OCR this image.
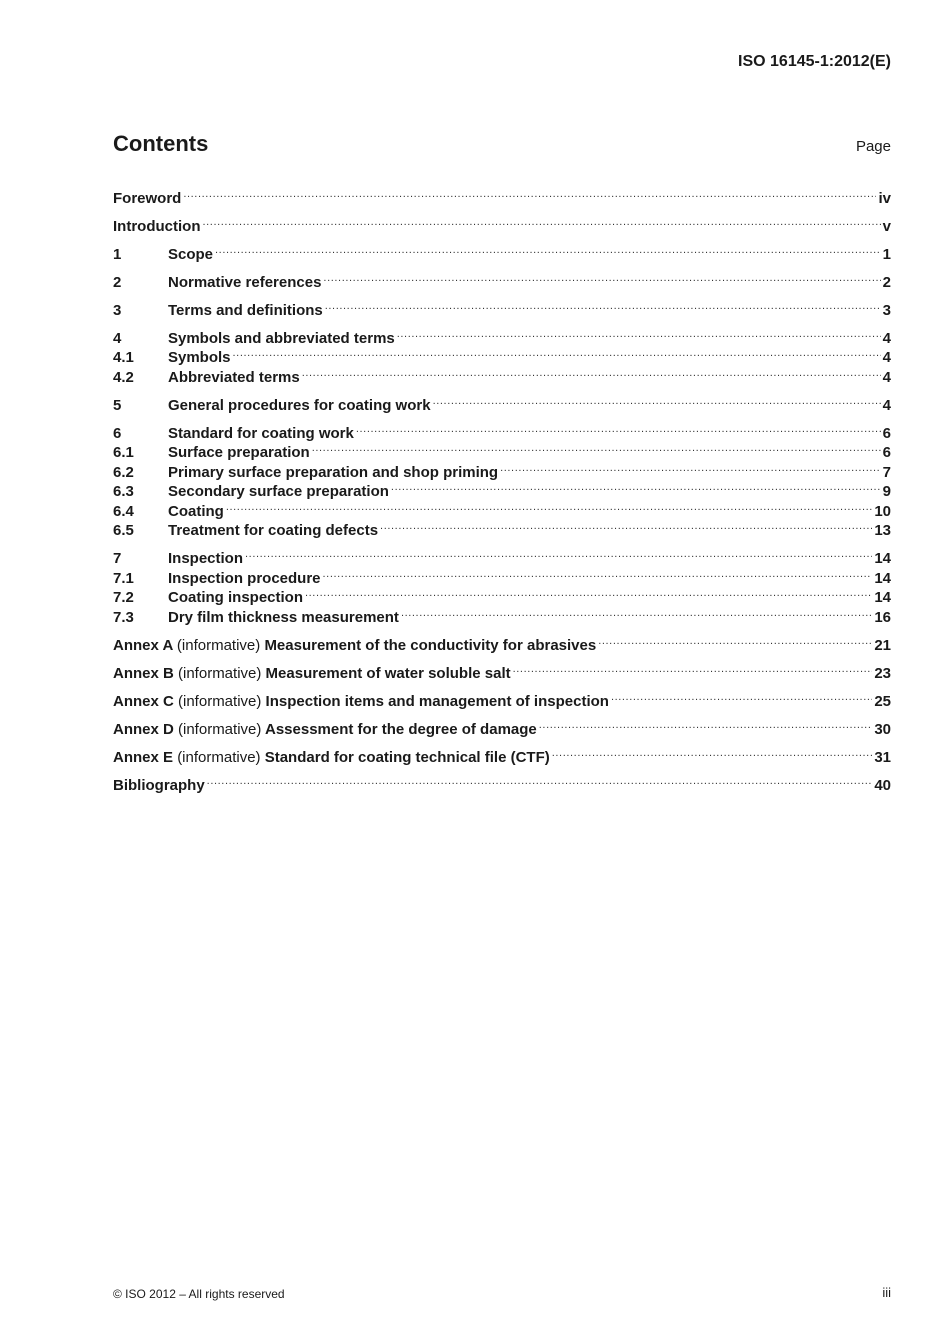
ISO 16145-1:2012(E)
Contents	Page
Foreword .....	iv
Introduction .....	v
1	Scope .....	1
2	Normative references .....	2
3	Terms and definitions .....	3
4	Symbols and abbreviated terms .....	4
4.1	Symbols .....	4
4.2	Abbreviated terms .....	4
5	General procedures for coating work .....	4
6	Standard for coating work .....	6
6.1	Surface preparation .....	6
6.2	Primary surface preparation and shop priming .....	7
6.3	Secondary surface preparation .....	9
6.4	Coating .....	10
6.5	Treatment for coating defects .....	13
7	Inspection .....	14
7.1	Inspection procedure .....	14
7.2	Coating inspection .....	14
7.3	Dry film thickness measurement .....	16
Annex A (informative) Measurement of the conductivity for abrasives .....	21
Annex B (informative) Measurement of water soluble salt .....	23
Annex C (informative) Inspection items and management of inspection .....	25
Annex D (informative) Assessment for the degree of damage .....	30
Annex E (informative) Standard for coating technical file (CTF) .....	31
Bibliography .....	40
© ISO 2012 – All rights reserved	iii
